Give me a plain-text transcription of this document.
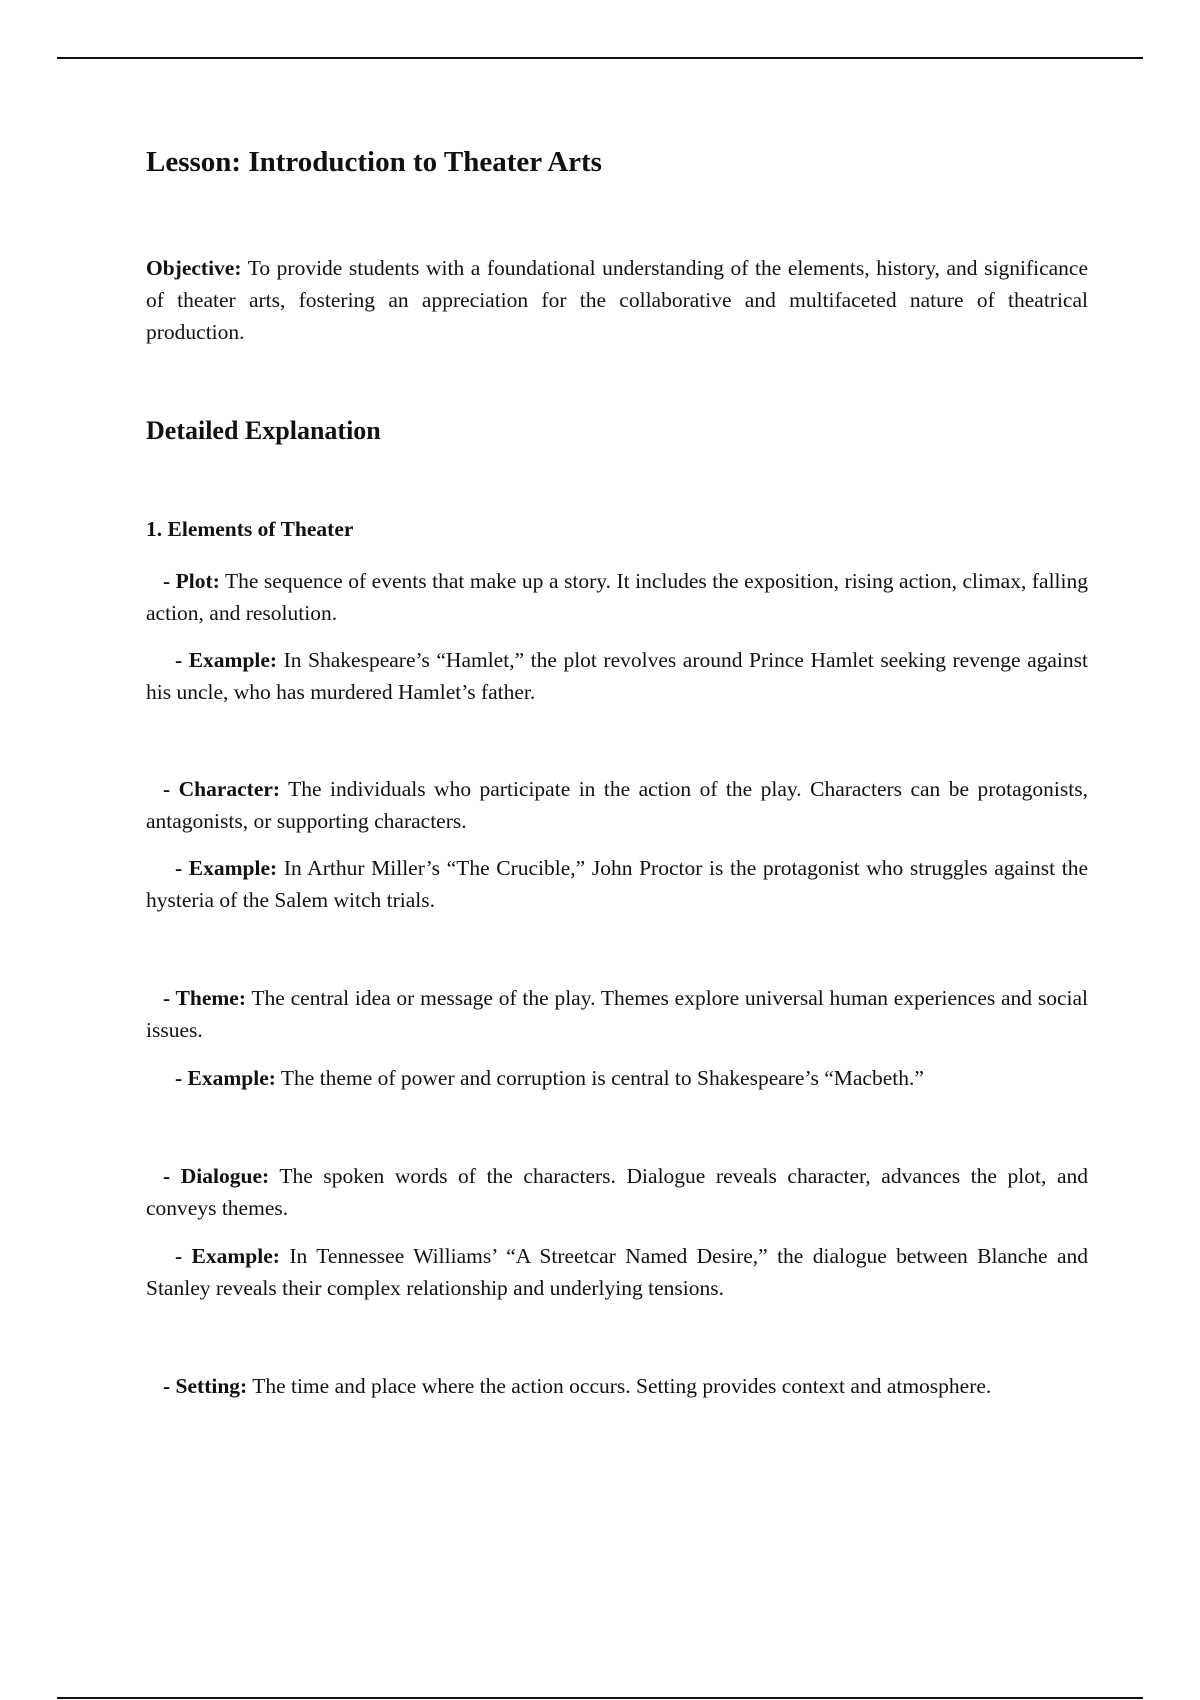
Lesson: Introduction to Theater Arts

Objective: To provide students with a foundational understanding of the elements, history, and significance of theater arts, fostering an appreciation for the collaborative and multifaceted nature of theatrical production.

Detailed Explanation
1. Elements of Theater

- Plot: The sequence of events that make up a story. It includes the exposition, rising action, climax, falling action, and resolution.

- Example: In Shakespeare’s “Hamlet,” the plot revolves around Prince Hamlet seeking revenge against his uncle, who has murdered Hamlet’s father.

- Character: The individuals who participate in the action of the play. Characters can be protagonists, antagonists, or supporting characters.

- Example: In Arthur Miller’s “The Crucible,” John Proctor is the protagonist who struggles against the hysteria of the Salem witch trials.

- Theme: The central idea or message of the play. Themes explore universal human experiences and social issues.

- Example: The theme of power and corruption is central to Shakespeare’s “Macbeth.”

- Dialogue: The spoken words of the characters. Dialogue reveals character, advances the plot, and conveys themes.

- Example: In Tennessee Williams’ “A Streetcar Named Desire,” the dialogue between Blanche and Stanley reveals their complex relationship and underlying tensions.

- Setting: The time and place where the action occurs. Setting provides context and atmosphere.
